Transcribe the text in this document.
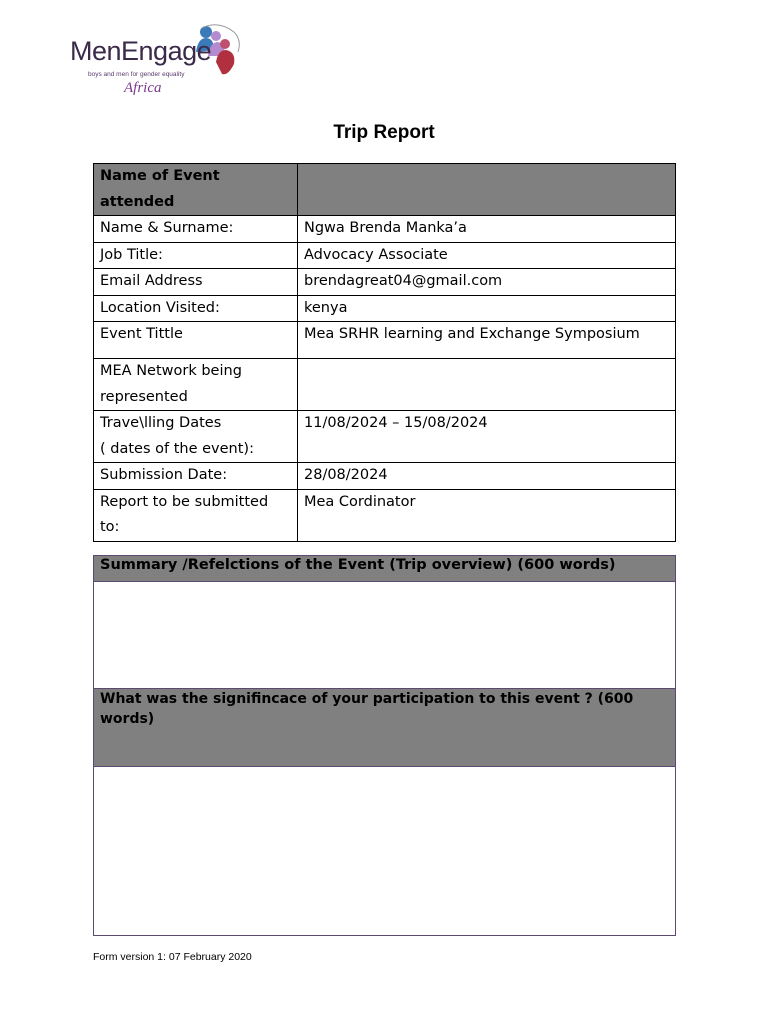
MenEngage
boys and men for gender equality
Africa
Trip Report
Name of Event attended	
Name & Surname:	Ngwa Brenda Manka’a
Job Title:	Advocacy Associate
Email Address	brendagreat04@gmail.com
Location Visited:	kenya
Event Tittle	Mea SRHR learning and Exchange Symposium
MEA Network being represented	

Trave\lling Dates
( dates of the event):	11/08/2024 – 15/08/2024
Submission Date:	28/08/2024
Report to be submitted to:	Mea Cordinator
Summary /Refelctions of the Event (Trip overview) (600 words)
What was the signifincace of your participation to this event ? (600 words)
Form version 1: 07 February 2020
